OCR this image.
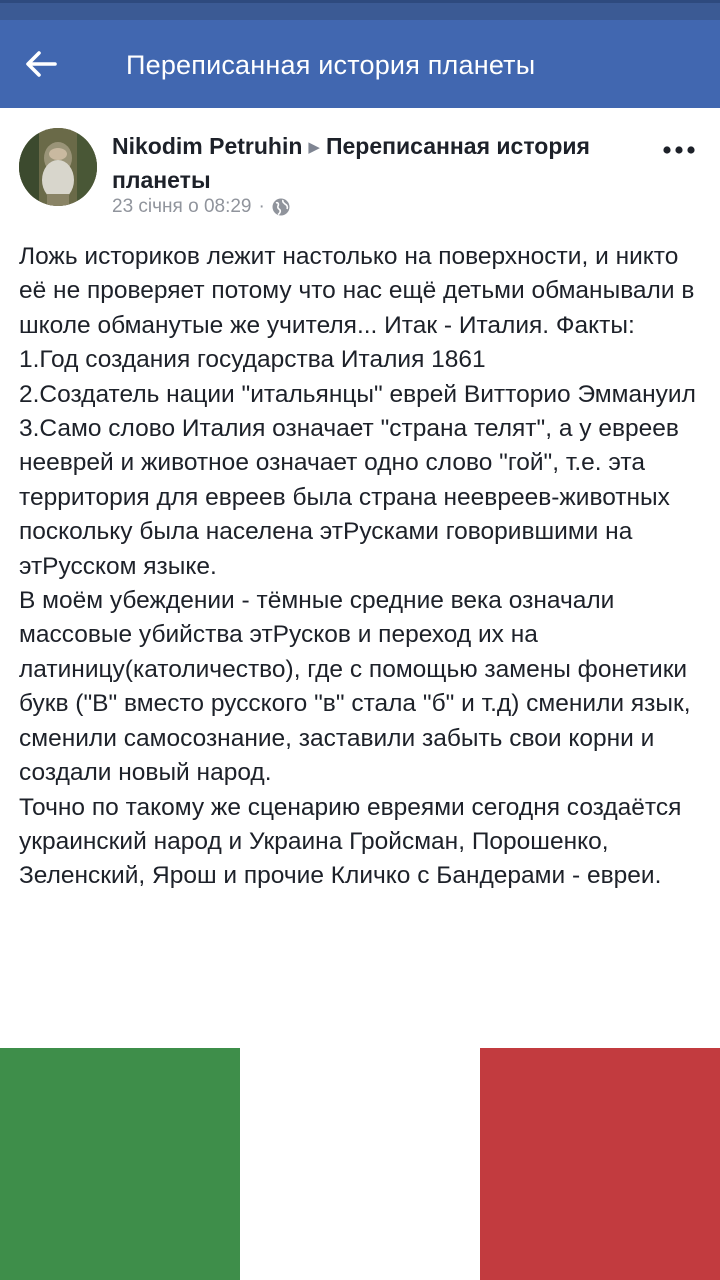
Переписанная история планеты
Nikodim Petruhin ▶ Переписанная история планеты
23 січня о 08:29 ·

Ложь историков лежит настолько на поверхности, и никто её не проверяет потому что нас ещё детьми обманывали в школе обманутые же учителя... Итак - Италия. Факты:

1.Год создания государства Италия 1861

2.Создатель нации "итальянцы" еврей Витторио Эммануил

3.Само слово Италия означает "страна телят", а у евреев нееврей и животное означает одно слово "гой", т.е. эта территория для евреев была страна неевреев-животных поскольку была населена этРусками говорившими на этРусском языке.

В моём убеждении - тёмные средние века означали массовые убийства этРусков и переход их на латиницу(католичество), где с помощью замены фонетики букв ("B" вместо русского "в" стала "б" и т.д) сменили язык, сменили самосознание, заставили забыть свои корни и создали новый народ.

Точно по такому же сценарию евреями сегодня создаётся украинский народ и Украина Гройсман, Порошенко, Зеленский, Ярош и прочие Кличко с Бандерами - евреи.
